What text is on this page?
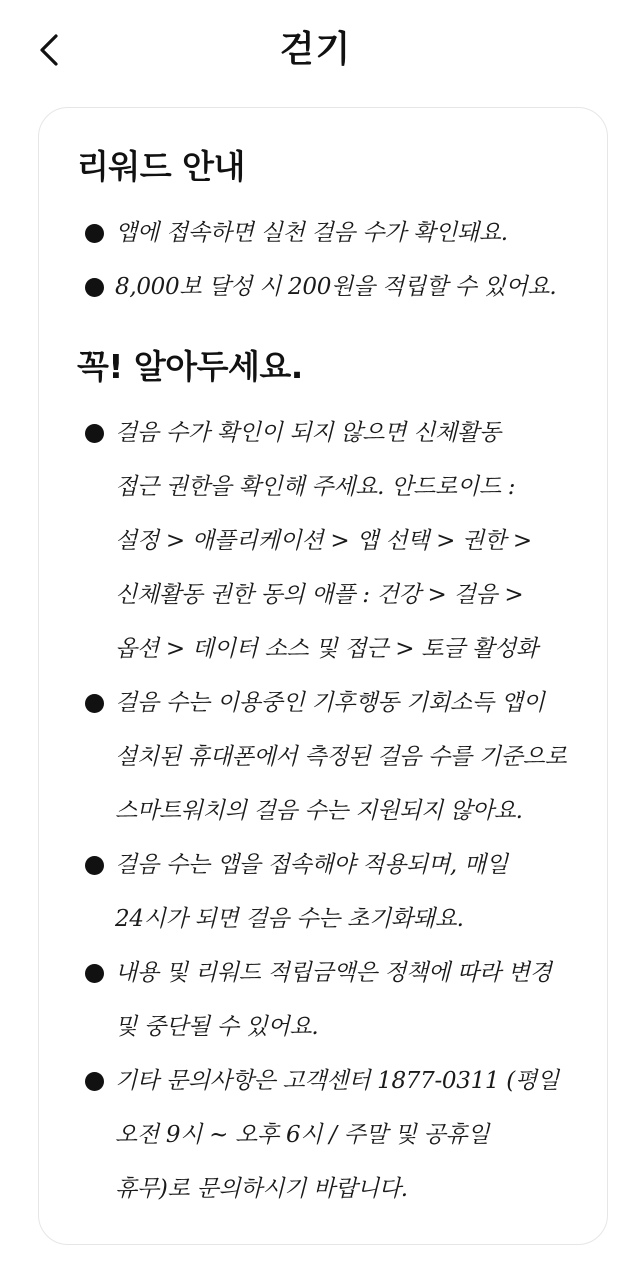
걷기
리워드 안내
앱에 접속하면 실천 걸음 수가 확인돼요.
8,000보 달성 시 200원을 적립할 수 있어요.
꼭! 알아두세요.
걸음 수가 확인이 되지 않으면 신체활동
접근 권한을 확인해 주세요. 안드로이드 :
설정 > 애플리케이션 > 앱 선택 > 권한 >
신체활동 권한 동의 애플 : 건강 > 걸음 >
옵션 > 데이터 소스 및 접근 > 토글 활성화
걸음 수는 이용중인 기후행동 기회소득 앱이
설치된 휴대폰에서 측정된 걸음 수를 기준으로
스마트워치의 걸음 수는 지원되지 않아요.
걸음 수는 앱을 접속해야 적용되며, 매일
24시가 되면 걸음 수는 초기화돼요.
내용 및 리워드 적립금액은 정책에 따라 변경
및 중단될 수 있어요.
기타 문의사항은 고객센터 1877-0311 (평일
오전 9시 ~ 오후 6시 / 주말 및 공휴일
휴무)로 문의하시기 바랍니다.
